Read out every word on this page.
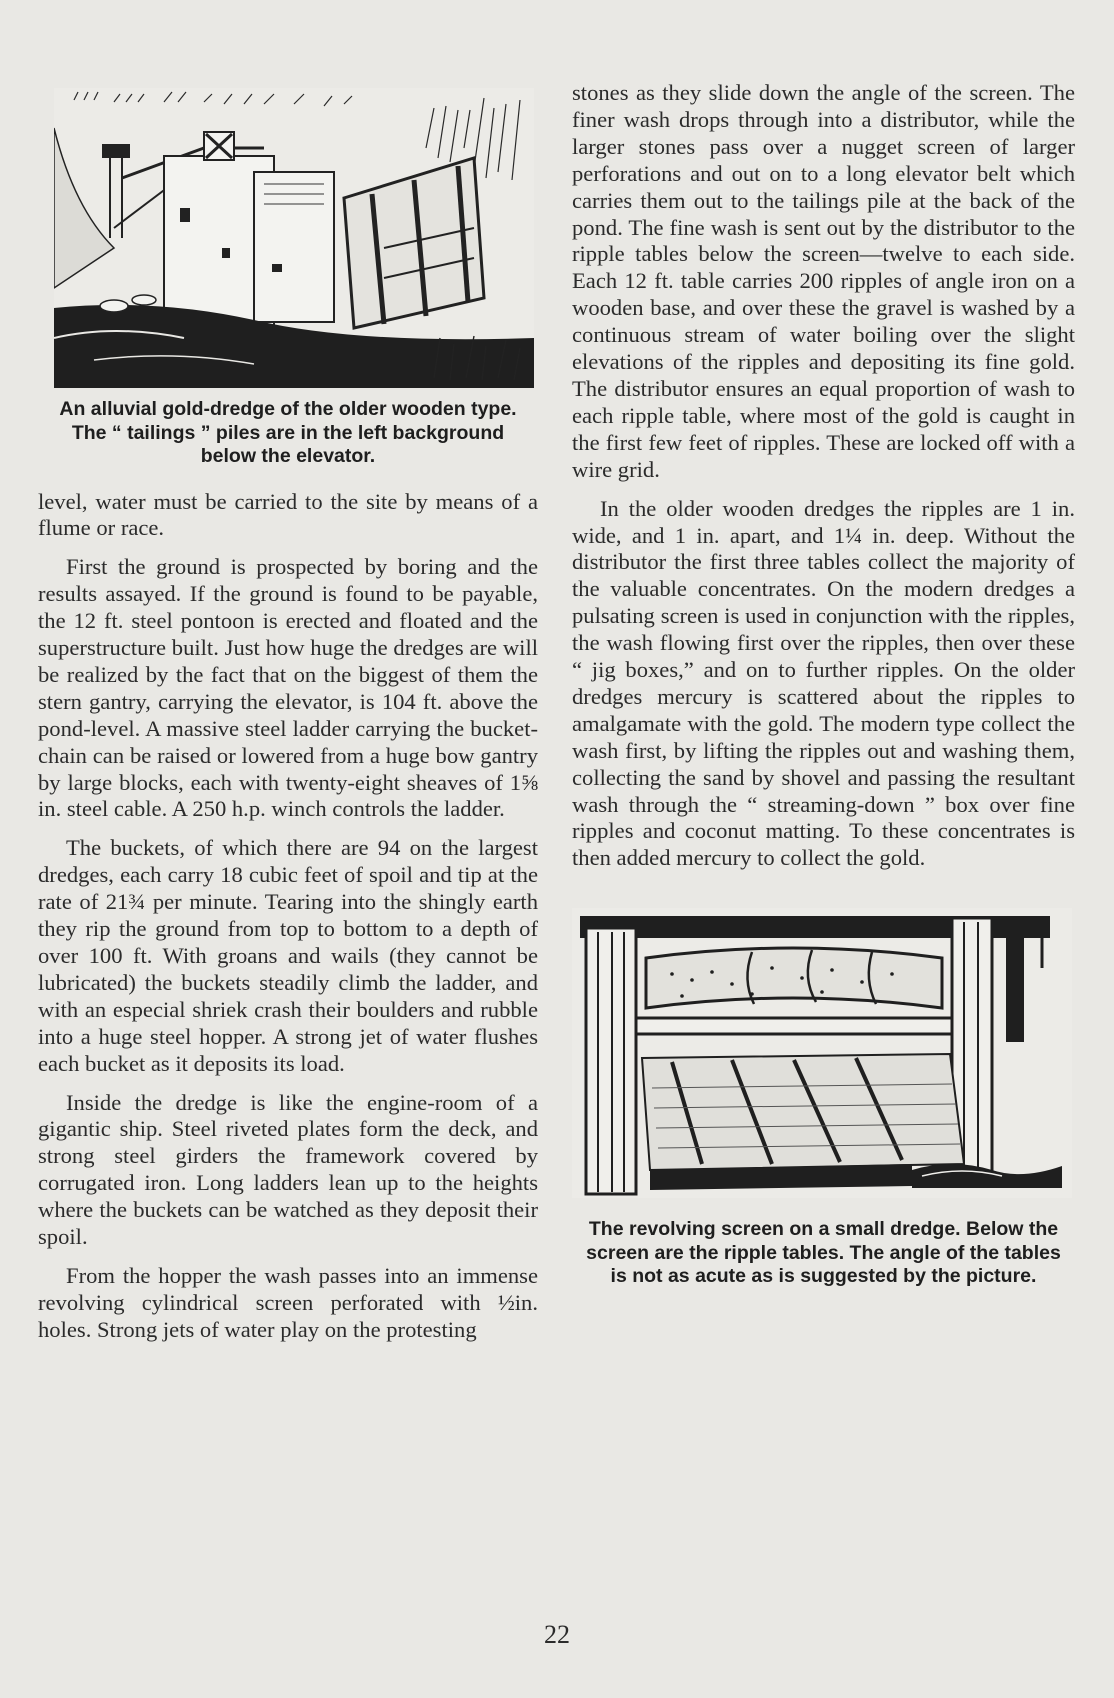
An alluvial gold-dredge of the older wooden type. The “ tailings ” piles are in the left background below the elevator.

level, water must be carried to the site by means of a flume or race.

First the ground is prospected by boring and the results assayed. If the ground is found to be payable, the 12 ft. steel pontoon is erected and floated and the superstructure built. Just how huge the dredges are will be realized by the fact that on the biggest of them the stern gantry, carrying the elevator, is 104 ft. above the pond-level. A massive steel ladder carrying the bucket-chain can be raised or lowered from a huge bow gantry by large blocks, each with twenty-eight sheaves of 1⅝ in. steel cable. A 250 h.p. winch controls the ladder.

The buckets, of which there are 94 on the largest dredges, each carry 18 cubic feet of spoil and tip at the rate of 21¾ per minute. Tearing into the shingly earth they rip the ground from top to bottom to a depth of over 100 ft. With groans and wails (they cannot be lubricated) the buckets steadily climb the ladder, and with an especial shriek crash their boulders and rubble into a huge steel hopper. A strong jet of water flushes each bucket as it deposits its load.

Inside the dredge is like the engine-room of a gigantic ship. Steel riveted plates form the deck, and strong steel girders the framework covered by corrugated iron. Long ladders lean up to the heights where the buckets can be watched as they deposit their spoil.

From the hopper the wash passes into an immense revolving cylindrical screen perforated with ½in. holes. Strong jets of water play on the protesting

stones as they slide down the angle of the screen. The finer wash drops through into a distributor, while the larger stones pass over a nugget screen of larger perforations and out on to a long elevator belt which carries them out to the tailings pile at the back of the pond. The fine wash is sent out by the distributor to the ripple tables below the screen—twelve to each side. Each 12 ft. table carries 200 ripples of angle iron on a wooden base, and over these the gravel is washed by a continuous stream of water boiling over the slight elevations of the ripples and depositing its fine gold. The distributor ensures an equal proportion of wash to each ripple table, where most of the gold is caught in the first few feet of ripples. These are locked off with a wire grid.

In the older wooden dredges the ripples are 1 in. wide, and 1 in. apart, and 1¼ in. deep. Without the distributor the first three tables collect the majority of the valuable concentrates. On the modern dredges a pulsating screen is used in conjunction with the ripples, the wash flowing first over the ripples, then over these “ jig boxes,” and on to further ripples. On the older dredges mercury is scattered about the ripples to amalgamate with the gold. The modern type collect the wash first, by lifting the ripples out and washing them, collecting the sand by shovel and passing the resultant wash through the “ streaming-down ” box over fine ripples and coconut matting. To these concentrates is then added mercury to collect the gold.

The revolving screen on a small dredge. Below the screen are the ripple tables. The angle of the tables is not as acute as is suggested by the picture.

22
